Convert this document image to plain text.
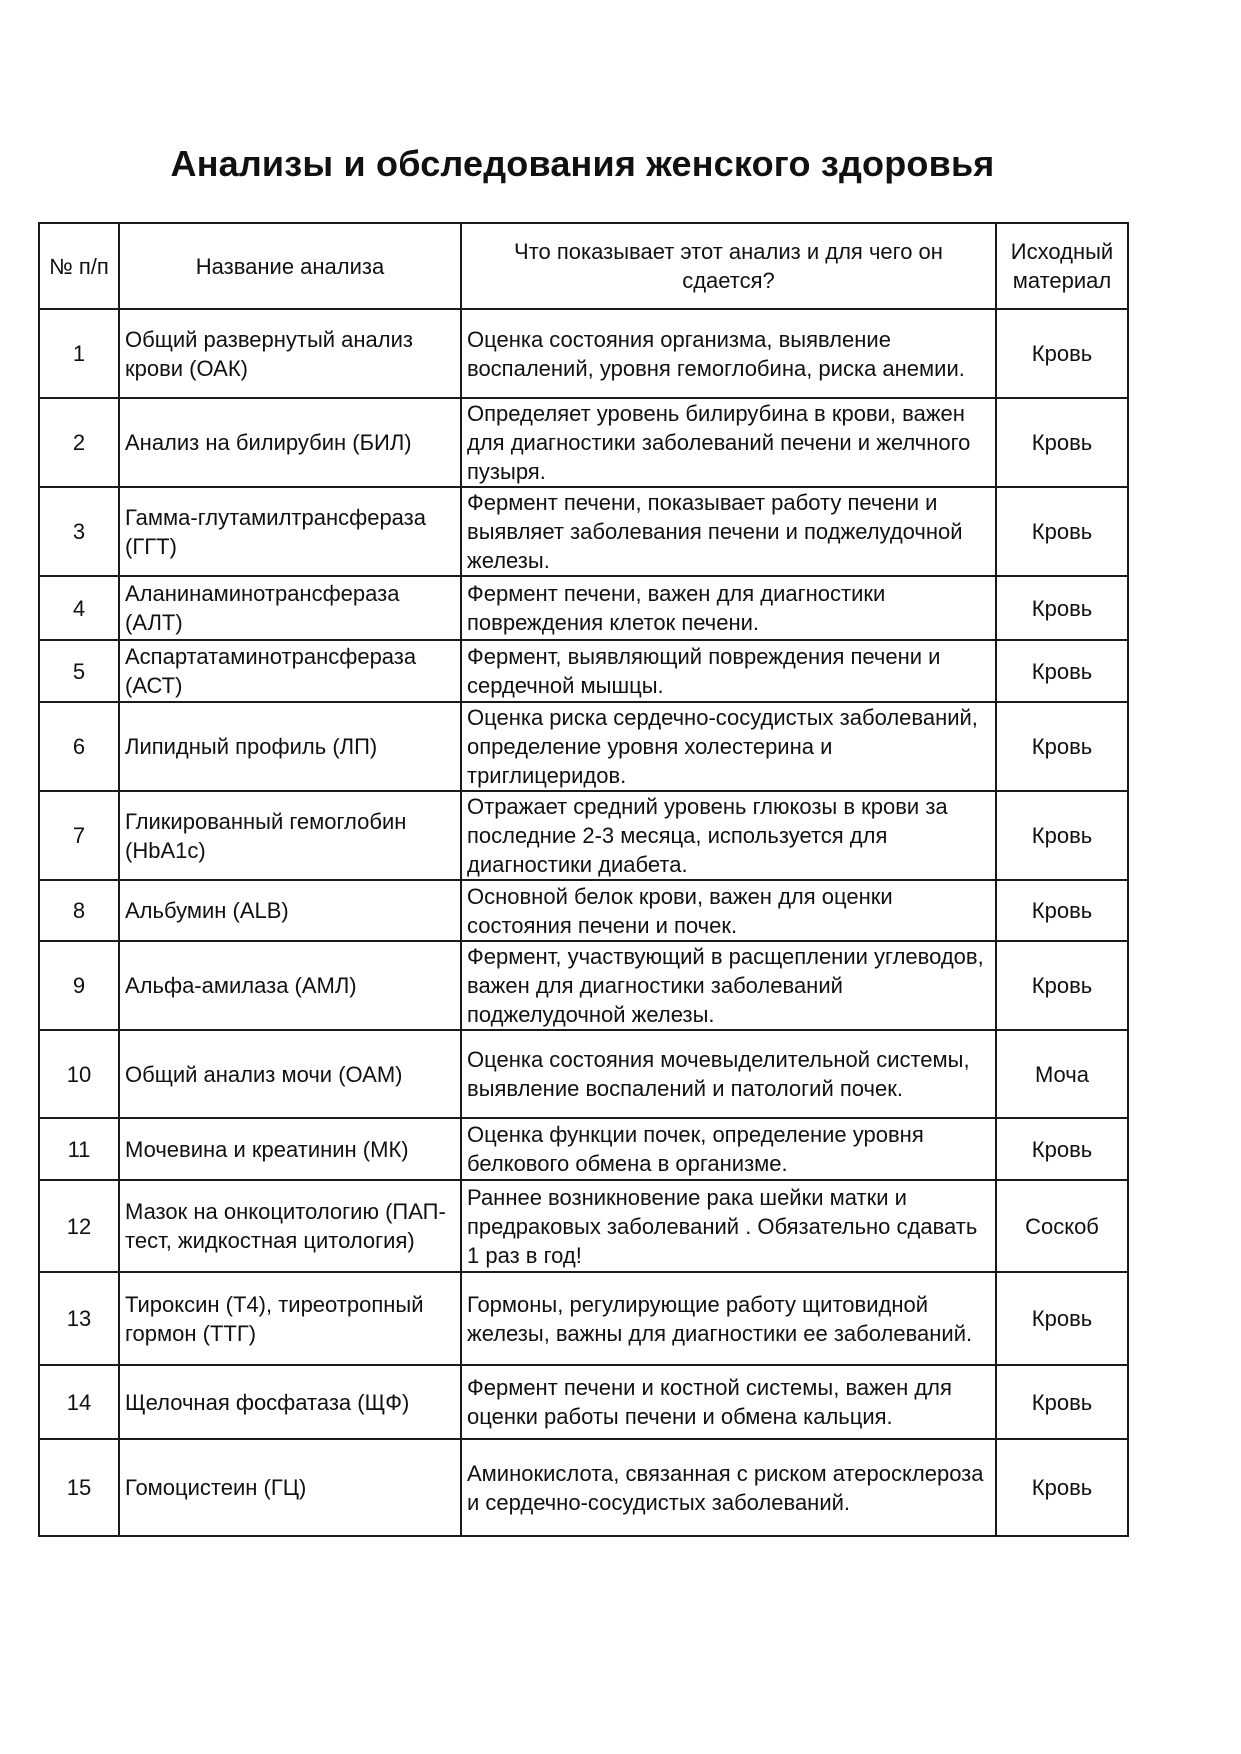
Анализы и обследования женского здоровья
№ п/п	Название анализа	Что показывает этот анализ и для чего он сдается?	Исходный материал
1	Общий развернутый анализ крови (ОАК)	Оценка состояния организма, выявление воспалений, уровня гемоглобина, риска анемии.	Кровь
2	Анализ на билирубин (БИЛ)	Определяет уровень билирубина в крови, важен для диагностики заболеваний печени и желчного пузыря.	Кровь
3	Гамма-глутамилтрансфераза (ГГТ)	Фермент печени, показывает работу печени и выявляет заболевания печени и поджелудочной железы.	Кровь
4	Аланинаминотрансфераза (АЛТ)	Фермент печени, важен для диагностики повреждения клеток печени.	Кровь
5	Аспартатаминотрансфераза (АСТ)	Фермент, выявляющий повреждения печени и сердечной мышцы.	Кровь
6	Липидный профиль (ЛП)	Оценка риска сердечно-сосудистых заболеваний, определение уровня холестерина и триглицеридов.	Кровь
7	Гликированный гемоглобин (HbA1c)	Отражает средний уровень глюкозы в крови за последние 2-3 месяца, используется для диагностики диабета.	Кровь
8	Альбумин (ALB)	Основной белок крови, важен для оценки состояния печени и почек.	Кровь
9	Альфа-амилаза (АМЛ)	Фермент, участвующий в расщеплении углеводов, важен для диагностики заболеваний поджелудочной железы.	Кровь
10	Общий анализ мочи (ОАМ)	Оценка состояния мочевыделительной системы, выявление воспалений и патологий почек.	Моча
11	Мочевина и креатинин (МК)	Оценка функции почек, определение уровня белкового обмена в организме.	Кровь
12	Мазок на онкоцитологию (ПАП-тест, жидкостная цитология)	Раннее возникновение рака шейки матки и предраковых заболеваний . Обязательно сдавать 1 раз в год!	Соскоб
13	Тироксин (Т4), тиреотропный гормон (ТТГ)	Гормоны, регулирующие работу щитовидной железы, важны для диагностики ее заболеваний.	Кровь
14	Щелочная фосфатаза (ЩФ)	Фермент печени и костной системы, важен для оценки работы печени и обмена кальция.	Кровь
15	Гомоцистеин (ГЦ)	Аминокислота, связанная с риском атеросклероза и сердечно-сосудистых заболеваний.	Кровь
